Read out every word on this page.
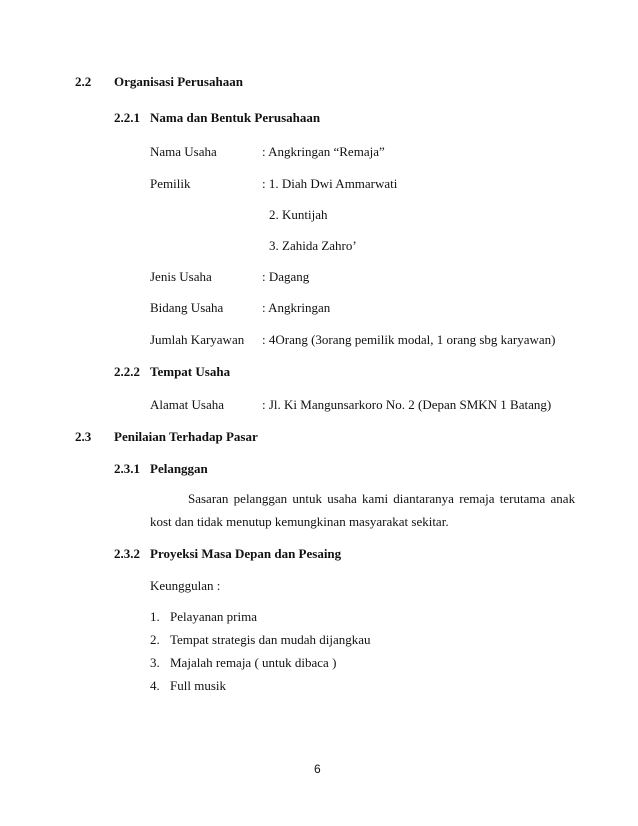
2.2 Organisasi Perusahaan
2.2.1 Nama dan Bentuk Perusahaan
Nama Usaha	: Angkringan “Remaja”
Pemilik	: 1. Diah Dwi Ammarwati
2. Kuntijah
3. Zahida Zahro’
Jenis Usaha	: Dagang
Bidang Usaha	: Angkringan
Jumlah Karyawan : 4Orang (3orang pemilik modal, 1 orang sbg karyawan)
2.2.2 Tempat Usaha
Alamat Usaha	: Jl. Ki Mangunsarkoro No. 2 (Depan SMKN 1 Batang)
2.3 Penilaian Terhadap Pasar
2.3.1 Pelanggan
Sasaran pelanggan untuk usaha kami diantaranya remaja terutama anak
kost dan tidak menutup kemungkinan masyarakat sekitar.
2.3.2 Proyeksi Masa Depan dan Pesaing
Keunggulan :
1. Pelayanan prima
2. Tempat strategis dan mudah dijangkau
3. Majalah remaja ( untuk dibaca )
4. Full musik
6
